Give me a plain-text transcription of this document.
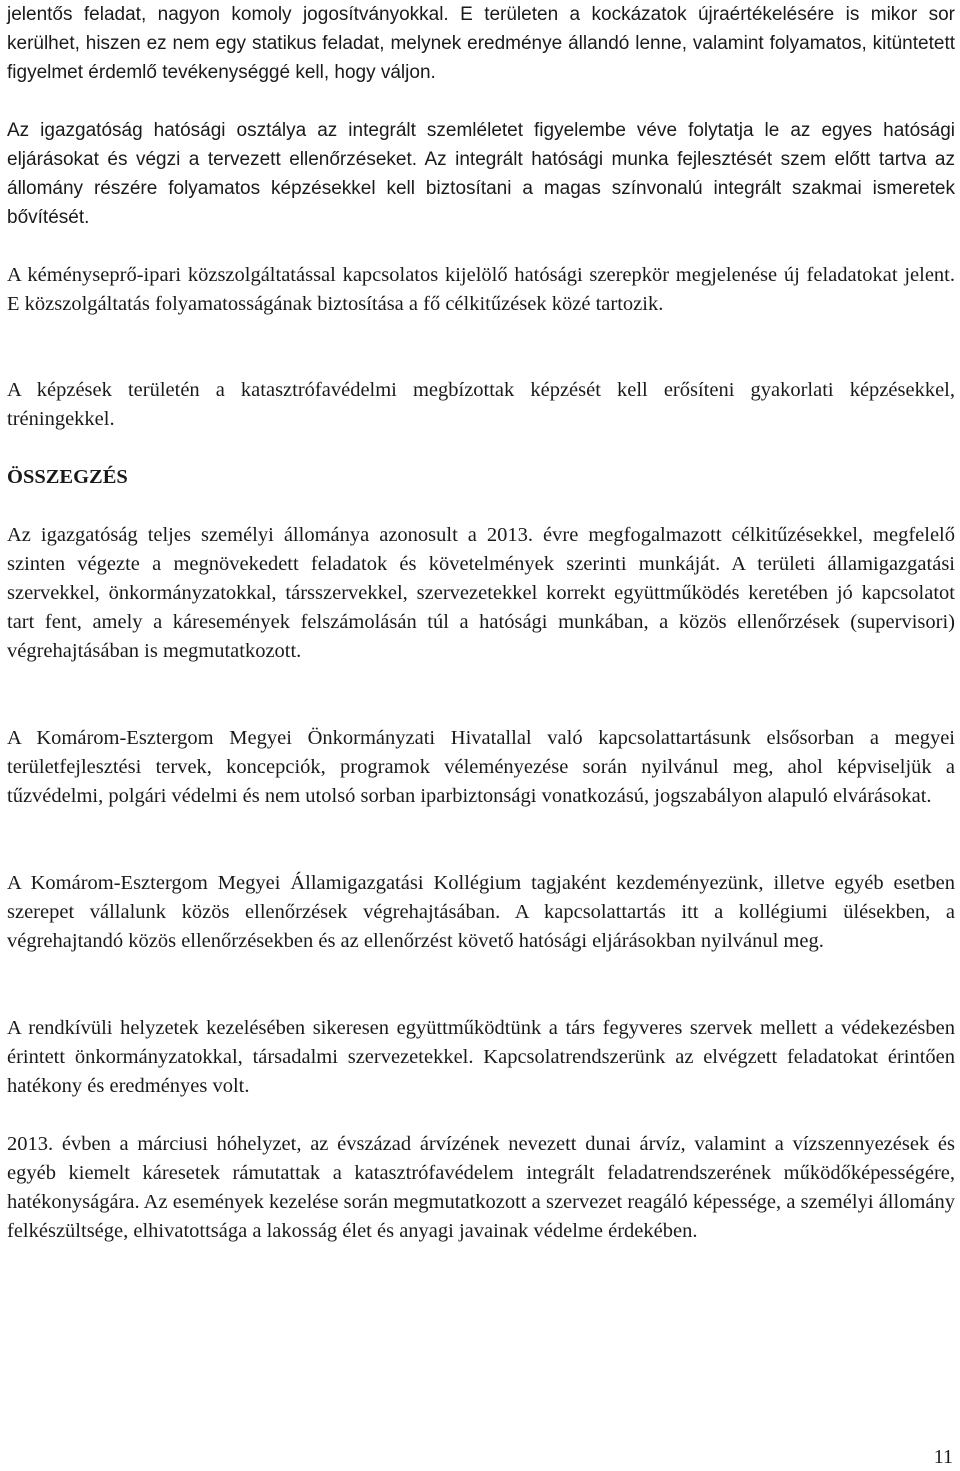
jelentős feladat, nagyon komoly jogosítványokkal. E területen a kockázatok újraértékelésére is mikor sor kerülhet, hiszen ez nem egy statikus feladat, melynek eredménye állandó lenne, valamint folyamatos, kitüntetett figyelmet érdemlő tevékenységgé kell, hogy váljon.

Az igazgatóság hatósági osztálya az integrált szemléletet figyelembe véve folytatja le az egyes hatósági eljárásokat és végzi a tervezett ellenőrzéseket. Az integrált hatósági munka fejlesztését szem előtt tartva az állomány részére folyamatos képzésekkel kell biztosítani a magas színvonalú integrált szakmai ismeretek bővítését.

A kéményseprő-ipari közszolgáltatással kapcsolatos kijelölő hatósági szerepkör megjelenése új feladatokat jelent. E közszolgáltatás folyamatosságának biztosítása a fő célkitűzések közé tartozik.

A képzések területén a katasztrófavédelmi megbízottak képzését kell erősíteni gyakorlati képzésekkel, tréningekkel.

ÖSSZEGZÉS

Az igazgatóság teljes személyi állománya azonosult a 2013. évre megfogalmazott célkitűzésekkel, megfelelő szinten végezte a megnövekedett feladatok és követelmények szerinti munkáját. A területi államigazgatási szervekkel, önkormányzatokkal, társszervekkel, szervezetekkel korrekt együttműködés keretében jó kapcsolatot tart fent, amely a káresemények felszámolásán túl a hatósági munkában, a közös ellenőrzések (supervisori) végrehajtásában is megmutatkozott.

A Komárom-Esztergom Megyei Önkormányzati Hivatallal való kapcsolattartásunk elsősorban a megyei területfejlesztési tervek, koncepciók, programok véleményezése során nyilvánul meg, ahol képviseljük a tűzvédelmi, polgári védelmi és nem utolsó sorban iparbiztonsági vonatkozású, jogszabályon alapuló elvárásokat.

A Komárom-Esztergom Megyei Államigazgatási Kollégium tagjaként kezdeményezünk, illetve egyéb esetben szerepet vállalunk közös ellenőrzések végrehajtásában. A kapcsolattartás itt a kollégiumi ülésekben, a végrehajtandó közös ellenőrzésekben és az ellenőrzést követő hatósági eljárásokban nyilvánul meg.

A rendkívüli helyzetek kezelésében sikeresen együttműködtünk a társ fegyveres szervek mellett a védekezésben érintett önkormányzatokkal, társadalmi szervezetekkel. Kapcsolatrendszerünk az elvégzett feladatokat érintően hatékony és eredményes volt.

2013. évben a márciusi hóhelyzet, az évszázad árvízének nevezett dunai árvíz, valamint a vízszennyezések és egyéb kiemelt káresetek rámutattak a katasztrófavédelem integrált feladatrendszerének működőképességére, hatékonyságára. Az események kezelése során megmutatkozott a szervezet reagáló képessége, a személyi állomány felkészültsége, elhivatottsága a lakosság élet és anyagi javainak védelme érdekében.

11
